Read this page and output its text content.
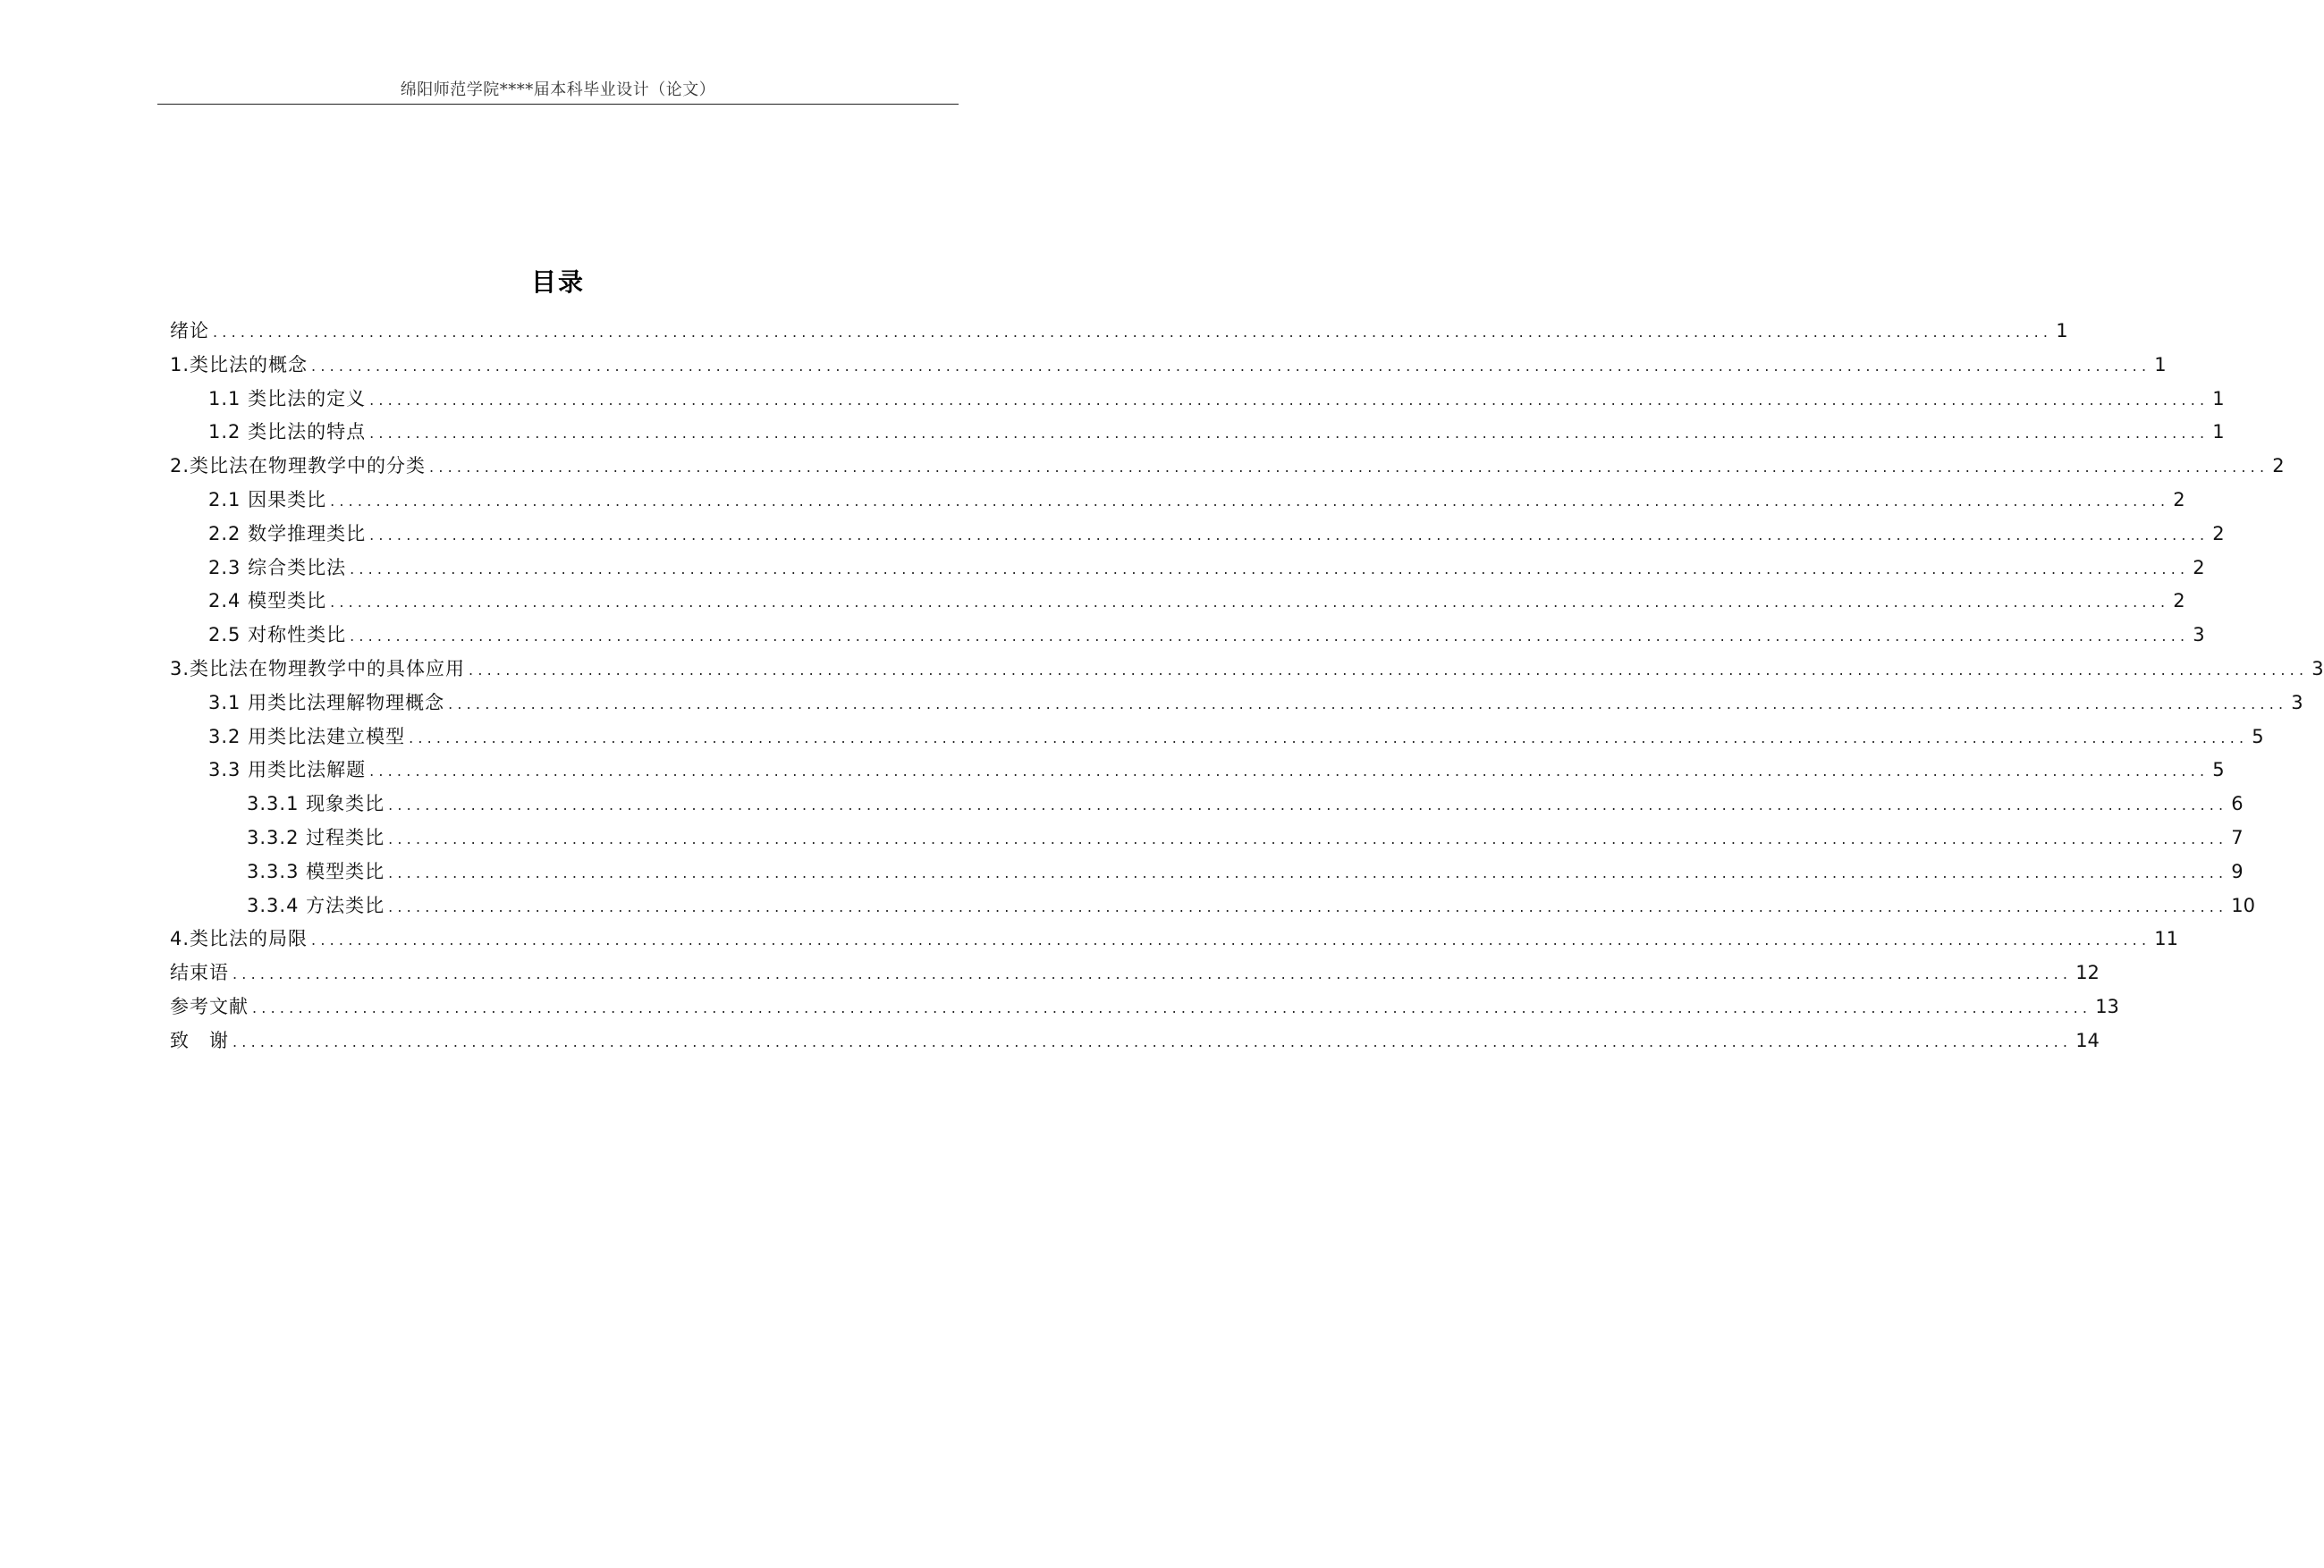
绵阳师范学院****届本科毕业设计（论文）
目录
绪论 ........................................................................................................................................................................................................ 1
1.类比法的概念 ........................................................................................................................................................................................................ 1
1.1 类比法的定义 ........................................................................................................................................................................................................ 1
1.2 类比法的特点 ........................................................................................................................................................................................................ 1
2.类比法在物理教学中的分类 ........................................................................................................................................................................................................ 2
2.1 因果类比 ........................................................................................................................................................................................................ 2
2.2 数学推理类比 ........................................................................................................................................................................................................ 2
2.3 综合类比法 ........................................................................................................................................................................................................ 2
2.4 模型类比 ........................................................................................................................................................................................................ 2
2.5 对称性类比 ........................................................................................................................................................................................................ 3
3.类比法在物理教学中的具体应用 ........................................................................................................................................................................................................ 3
3.1 用类比法理解物理概念 ........................................................................................................................................................................................................ 3
3.2 用类比法建立模型 ........................................................................................................................................................................................................ 5
3.3 用类比法解题 ........................................................................................................................................................................................................ 5
3.3.1 现象类比 ........................................................................................................................................................................................................ 6
3.3.2 过程类比 ........................................................................................................................................................................................................ 7
3.3.3 模型类比 ........................................................................................................................................................................................................ 9
3.3.4 方法类比 ........................................................................................................................................................................................................ 10
4.类比法的局限 ........................................................................................................................................................................................................ 11
结束语 ........................................................................................................................................................................................................ 12
参考文献 ........................................................................................................................................................................................................ 13
致　谢 ........................................................................................................................................................................................................ 14
